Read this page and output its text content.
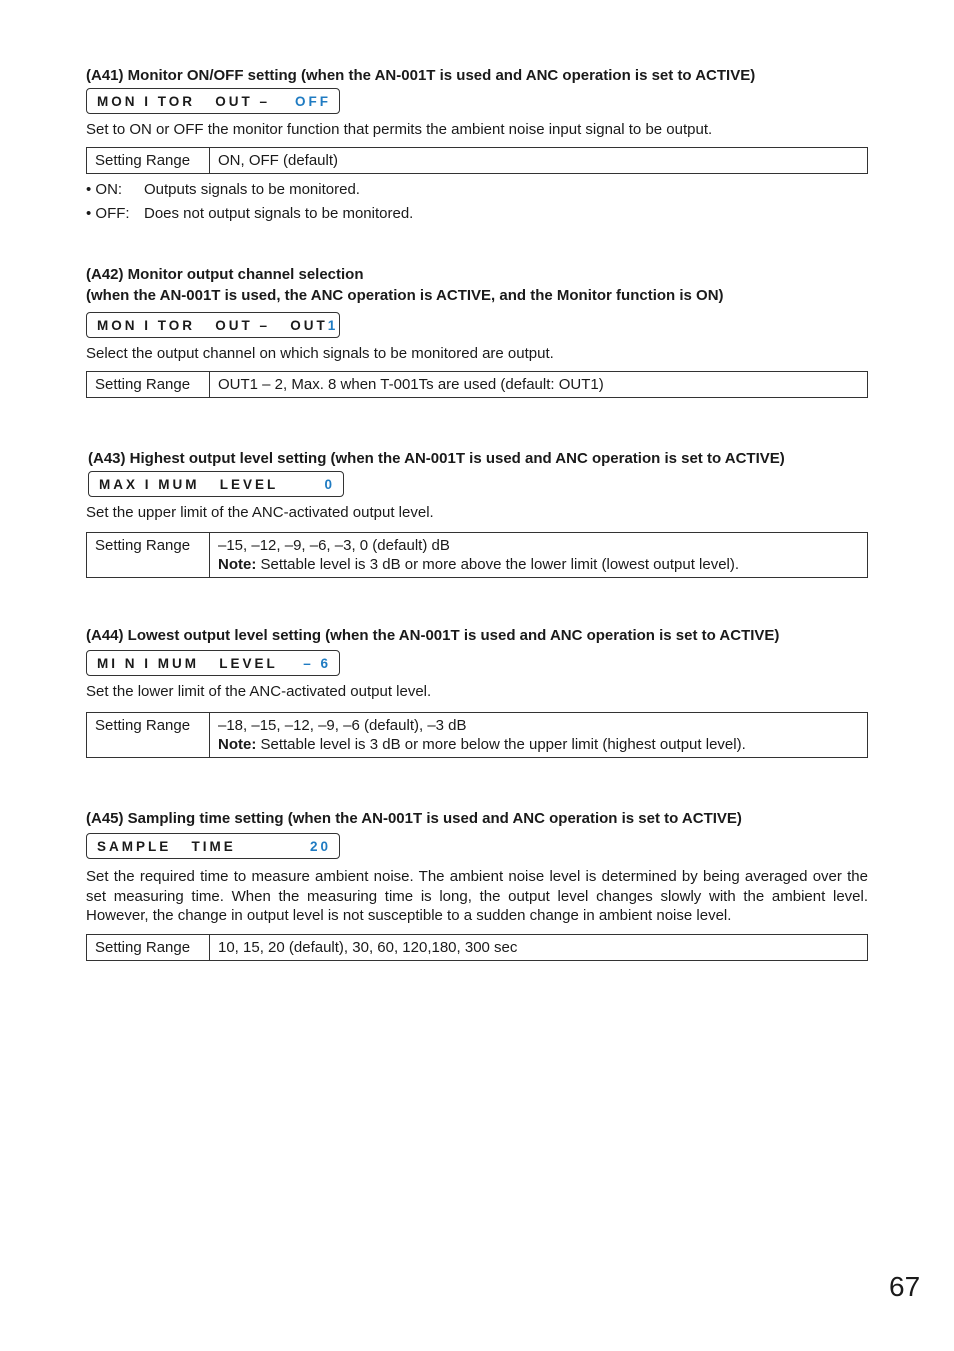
(A41) Monitor ON/OFF setting (when the AN-001T is used and ANC operation is set to ACTIVE)

MON I TOR   OUT – OFF

Set to ON or OFF the monitor function that permits the ambient noise input signal to be output.

Setting Range	ON, OFF (default)
• ON:	Outputs signals to be monitored.
• OFF: Does not output signals to be monitored.

(A42) Monitor output channel selection

(when the AN-001T is used, the ANC operation is ACTIVE, and the Monitor function is ON)

MON I TOR   OUT –   OUT 1

Select the output channel on which signals to be monitored are output.

Setting Range	OUT1 – 2, Max. 8 when T-001Ts are used (default: OUT1)

(A43) Highest output level setting (when the AN-001T is used and ANC operation is set to ACTIVE)

MAX I MUM   LEVEL	0

Set the upper limit of the ANC-activated output level.

Setting Range	–15, –12, –9, –6, –3, 0 (default) dB
Note: Settable level is 3 dB or more above the lower limit (lowest output level).

(A44) Lowest output level setting (when the AN-001T is used and ANC operation is set to ACTIVE)

MI N I MUM   LEVEL – 6

Set the lower limit of the ANC-activated output level.

Setting Range	–18, –15, –12, –9, –6 (default), –3 dB
Note: Settable level is 3 dB or more below the upper limit (highest output level).

(A45) Sampling time setting (when the AN-001T is used and ANC operation is set to ACTIVE)

SAMPLE   TIME	20

Set the required time to measure ambient noise. The ambient noise level is determined by being averaged over the set measuring time. When the measuring time is long, the output level changes slowly with the ambient level. However, the change in output level is not susceptible to a sudden change in ambient noise level.

Setting Range	10, 15, 20 (default), 30, 60, 120,180, 300 sec
67
